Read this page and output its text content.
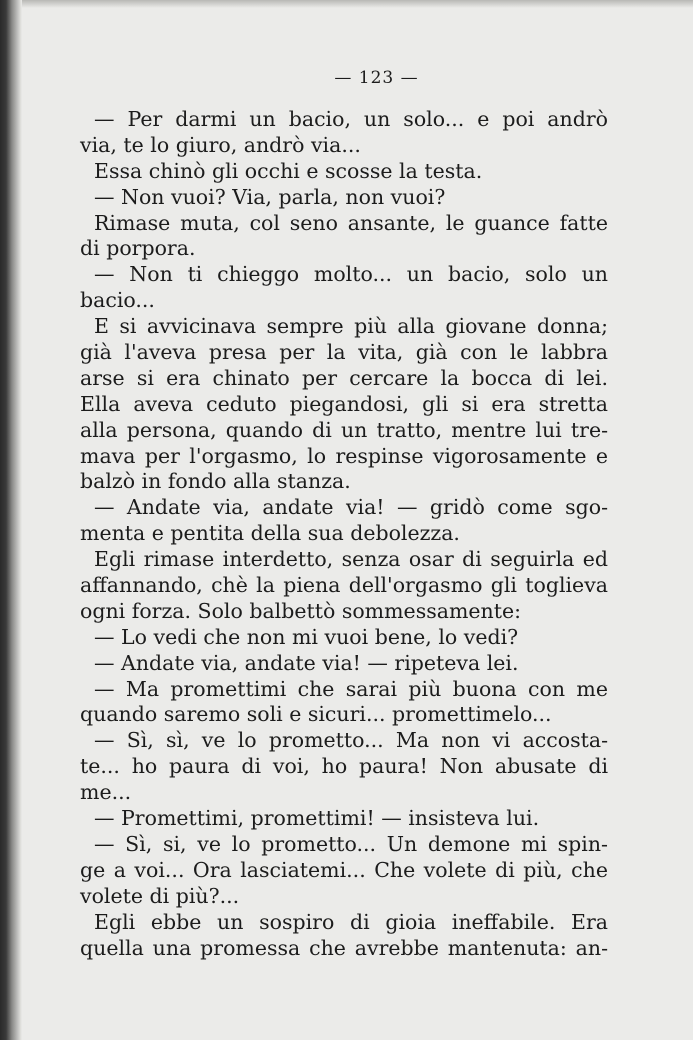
— 123 —
— Per darmi un bacio, un solo... e poi andrò
via, te lo giuro, andrò via...
Essa chinò gli occhi e scosse la testa.
— Non vuoi? Via, parla, non vuoi?
Rimase muta, col seno ansante, le guance fatte
di porpora.
— Non ti chieggo molto... un bacio, solo un
bacio...
E si avvicinava sempre più alla giovane donna;
già l'aveva presa per la vita, già con le labbra
arse si era chinato per cercare la bocca di lei.
Ella aveva ceduto piegandosi, gli si era stretta
alla persona, quando di un tratto, mentre lui tre-
mava per l'orgasmo, lo respinse vigorosamente e
balzò in fondo alla stanza.
— Andate via, andate via! — gridò come sgo-
menta e pentita della sua debolezza.
Egli rimase interdetto, senza osar di seguirla ed
affannando, chè la piena dell'orgasmo gli toglieva
ogni forza. Solo balbettò sommessamente:
— Lo vedi che non mi vuoi bene, lo vedi?
— Andate via, andate via! — ripeteva lei.
— Ma promettimi che sarai più buona con me
quando saremo soli e sicuri... promettimelo...
— Sì, sì, ve lo prometto... Ma non vi accosta-
te... ho paura di voi, ho paura! Non abusate di
me...
— Promettimi, promettimi! — insisteva lui.
— Sì, si, ve lo prometto... Un demone mi spin-
ge a voi... Ora lasciatemi... Che volete di più, che
volete di più?...
Egli ebbe un sospiro di gioia ineffabile. Era
quella una promessa che avrebbe mantenuta: an-
